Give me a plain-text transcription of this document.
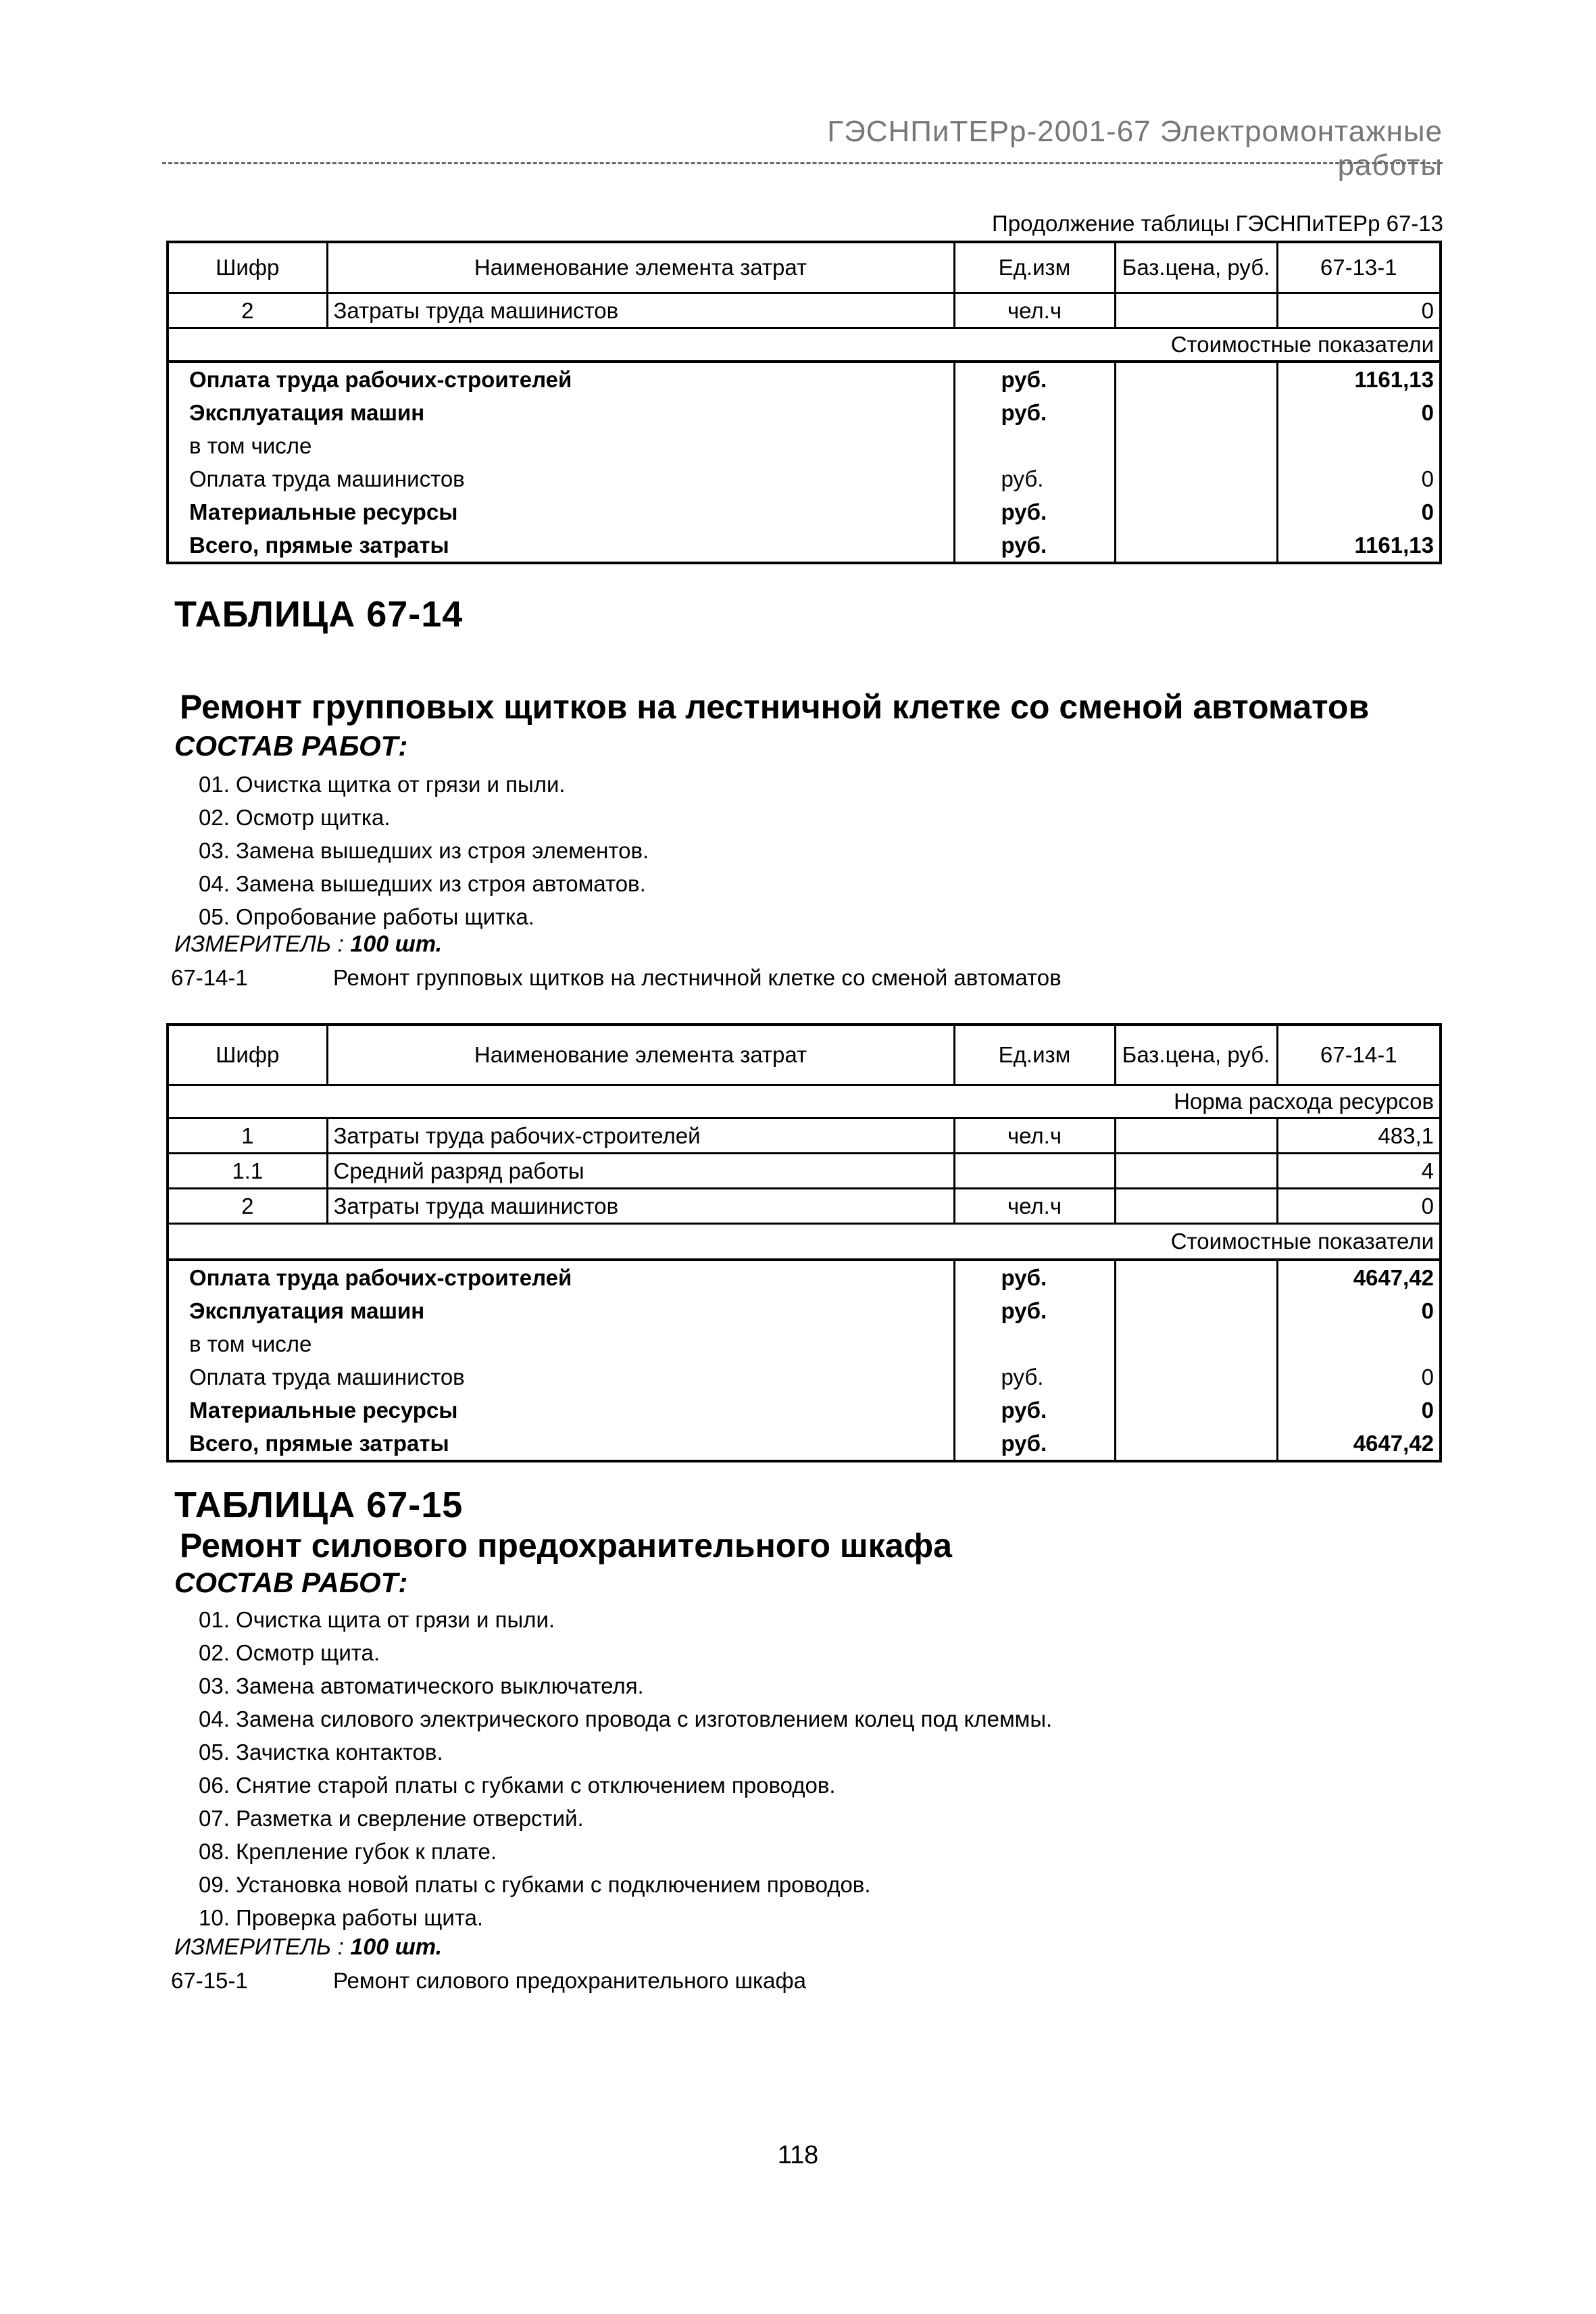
ГЭСНПиТЕРр-2001-67 Электромонтажные работы
Продолжение таблицы ГЭСНПиТЕРр 67-13
Шифр	Наименование элемента затрат	Ед.изм	Баз.цена, руб.	67-13-1
2	Затраты труда машинистов	чел.ч		0
Стоимостные показатели				
Оплата труда рабочих-строителей		руб.		1161,13
Эксплуатация машин		руб.		0
в том числе				
Оплата труда машинистов		руб.		0
Материальные ресурсы		руб.		0
Всего, прямые затраты		руб.		1161,13
ТАБЛИЦА 67-14
Ремонт групповых щитков на лестничной клетке со сменой автоматов
СОСТАВ РАБОТ:
01. Очистка щитка от грязи и пыли.
02. Осмотр щитка.
03. Замена вышедших из строя элементов.
04. Замена вышедших из строя автоматов.
05. Опробование работы щитка.
ИЗМЕРИТЕЛЬ : 100 шт.
67-14-1	Ремонт групповых щитков на лестничной клетке со сменой автоматов
Шифр	Наименование элемента затрат	Ед.изм	Баз.цена, руб.	67-14-1
Норма расхода ресурсов				
1	Затраты труда рабочих-строителей	чел.ч		483,1
1.1	Средний разряд работы			4
2	Затраты труда машинистов	чел.ч		0
Стоимостные показатели				
Оплата труда рабочих-строителей		руб.		4647,42
Эксплуатация машин		руб.		0
в том числе				
Оплата труда машинистов		руб.		0
Материальные ресурсы		руб.		0
Всего, прямые затраты		руб.		4647,42
ТАБЛИЦА 67-15
Ремонт силового предохранительного шкафа
СОСТАВ РАБОТ:
01. Очистка щита от грязи и пыли.
02. Осмотр щита.
03. Замена автоматического выключателя.
04. Замена силового электрического провода с изготовлением колец под клеммы.
05. Зачистка контактов.
06. Снятие старой платы с губками с отключением проводов.
07. Разметка и сверление отверстий.
08. Крепление губок к плате.
09. Установка новой платы с губками с подключением проводов.
10. Проверка работы щита.
ИЗМЕРИТЕЛЬ : 100 шт.
67-15-1	Ремонт силового предохранительного шкафа
118
